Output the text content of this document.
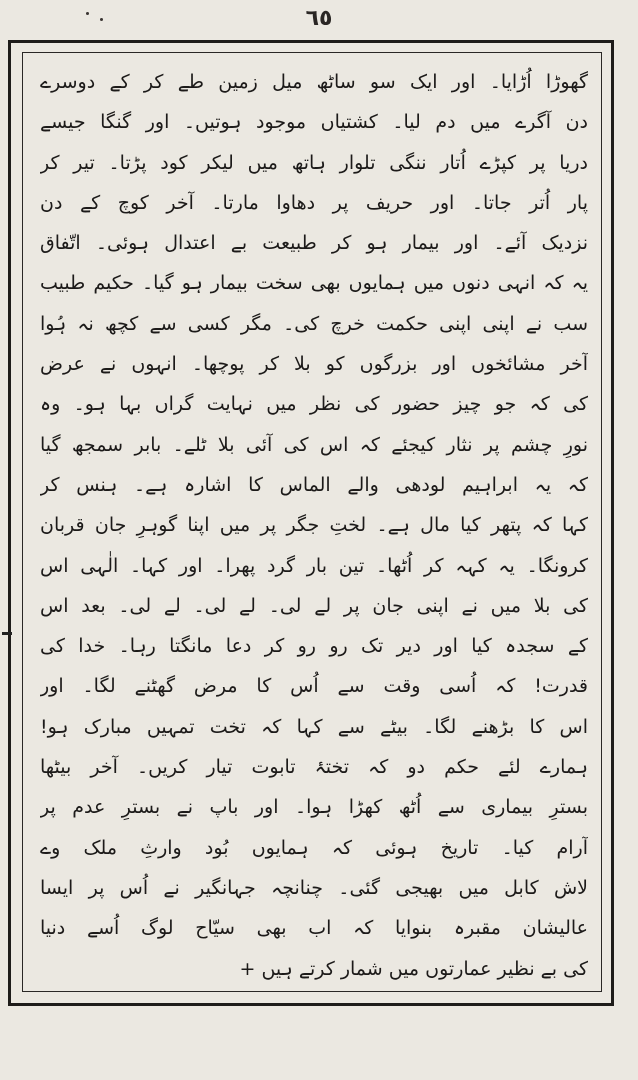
٦٥
گھوڑا اُڑایا۔ اور ایک سو ساٹھ میل زمین طے کر کے دوسرے
دن آگرے میں دم لیا۔ کشتیاں موجود ہوتیں۔ اور گنگا جیسے
دریا پر کپڑے اُتار ننگی تلوار ہاتھ میں لیکر کود پڑتا۔ تیر کر
پار اُتر جاتا۔ اور حریف پر دھاوا مارتا۔ آخر کوچ کے دن
نزدیک آئے۔ اور بیمار ہو کر طبیعت بے اعتدال ہوئی۔ اتّفاق
یہ کہ انہی دنوں میں ہمایوں بھی سخت بیمار ہو گیا۔ حکیم طبیب
سب نے اپنی اپنی حکمت خرچ کی۔ مگر کسی سے کچھ نہ ہُوا
آخر مشائخوں اور بزرگوں کو بلا کر پوچھا۔ انہوں نے عرض
کی کہ جو چیز حضور کی نظر میں نہایت گراں بہا ہو۔ وہ
نورِ چشم پر نثار کیجئے کہ اس کی آئی بلا ٹلے۔ بابر سمجھ گیا
کہ یہ ابراہیم لودھی والے الماس کا اشارہ ہے۔ ہنس کر
کہا کہ پتھر کیا مال ہے۔ لختِ جگر پر میں اپنا گوہرِ جان قربان
کرونگا۔ یہ کہہ کر اُٹھا۔ تین بار گرد پھرا۔ اور کہا۔ الٰہی اس
کی بلا میں نے اپنی جان پر لے لی۔ لے لی۔ لے لی۔ بعد اس
کے سجدہ کیا اور دیر تک رو رو کر دعا مانگتا رہا۔ خدا کی
قدرت! کہ اُسی وقت سے اُس کا مرض گھٹنے لگا۔ اور
اس کا بڑھنے لگا۔ بیٹے سے کہا کہ تخت تمہیں مبارک ہو!
ہمارے لئے حکم دو کہ تختۂ تابوت تیار کریں۔ آخر بیٹھا
بسترِ بیماری سے اُٹھ کھڑا ہوا۔ اور باپ نے بسترِ عدم پر
آرام کیا۔ تاریخ ہوئی کہ ہمایوں بُود وارثِ ملک وے
لاش کابل میں بھیجی گئی۔ چنانچہ جہانگیر نے اُس پر ایسا
عالیشان مقبرہ بنوایا کہ اب بھی سیّاح لوگ اُسے دنیا
کی بے نظیر عمارتوں میں شمار کرتے ہیں +
